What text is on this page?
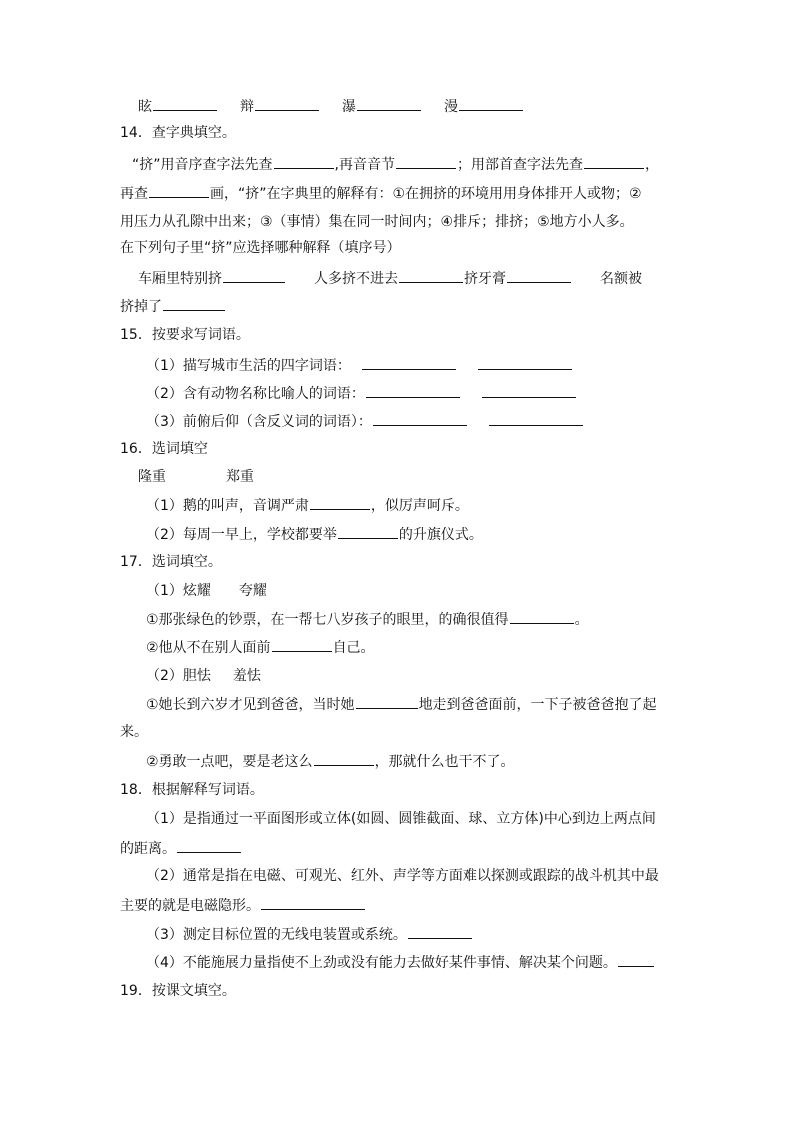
眩	辩	瀑	漫
14．查字典填空。
“挤”用音序查字法先查	,再音音节	；用部首查字法先查	，
再查	画，“挤”在字典里的解释有：①在拥挤的环境用用身体排开人或物；②
用压力从孔隙中出来；③（事情）集在同一时间内；④排斥；排挤；⑤地方小人多。
在下列句子里“挤”应选择哪种解释（填序号）
车厢里特别挤	人多挤不进去	挤牙膏	名额被
挤掉了
15．按要求写词语。
（1）描写城市生活的四字词语：
（2）含有动物名称比喻人的词语：
（3）前俯后仰（含反义词的词语）：
16．选词填空
隆重	郑重
（1）鹅的叫声，音调严肃	，似厉声呵斥。
（2）每周一早上，学校都要举	的升旗仪式。
17．选词填空。
（1）炫耀 夸耀
①那张绿色的钞票，在一帮七八岁孩子的眼里，的确很值得	。
②他从不在别人面前	自己。
（2）胆怯 羞怯
①她长到六岁才见到爸爸，当时她	地走到爸爸面前，一下子被爸爸抱了起
来。
②勇敢一点吧，要是老这么	，那就什么也干不了。
18．根据解释写词语。
（1）是指通过一平面图形或立体(如圆、圆锥截面、球、立方体)中心到边上两点间
的距离。
（2）通常是指在电磁、可观光、红外、声学等方面难以探测或跟踪的战斗机其中最
主要的就是电磁隐形。
（3）测定目标位置的无线电装置或系统。
（4）不能施展力量指使不上劲或没有能力去做好某件事情、解决某个问题。
19．按课文填空。
